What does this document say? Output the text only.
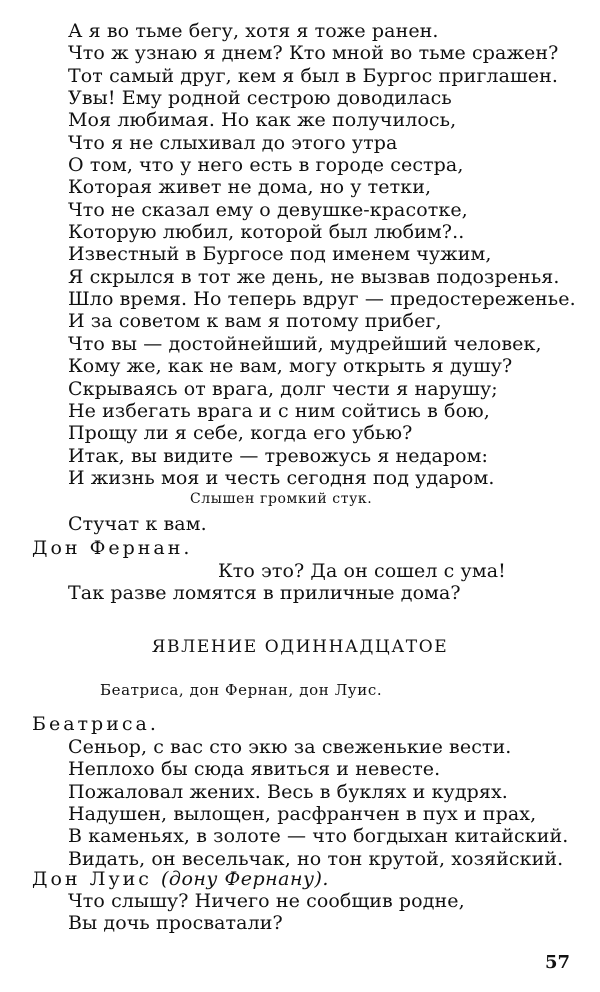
А я во тьме бегу, хотя я тоже ранен.
Что ж узнаю я днем? Кто мной во тьме сражен?
Тот самый друг, кем я был в Бургос приглашен.
Увы! Ему родной сестрою доводилась
Моя любимая. Но как же получилось,
Что я не слыхивал до этого утра
О том, что у него есть в городе сестра,
Которая живет не дома, но у тетки,
Что не сказал ему о девушке-красотке,
Которую любил, которой был любим?..
Известный в Бургосе под именем чужим,
Я скрылся в тот же день, не вызвав подозренья.
Шло время. Но теперь вдруг — предостереженье.
И за советом к вам я потому прибег,
Что вы — достойнейший, мудрейший человек,
Кому же, как не вам, могу открыть я душу?
Скрываясь от врага, долг чести я нарушу;
Не избегать врага и с ним сойтись в бою,
Прощу ли я себе, когда его убью?
Итак, вы видите — тревожусь я недаром:
И жизнь моя и честь сегодня под ударом.
Слышен громкий стук.
Стучат к вам.
Дон Фернан.
Кто это? Да он сошел с ума!
Так разве ломятся в приличные дома?
ЯВЛЕНИЕ ОДИННАДЦАТОЕ
Беатриса, дон Фернан, дон Луис.
Беатриса.
Сеньор, с вас сто экю за свеженькие вести.
Неплохо бы сюда явиться и невесте.
Пожаловал жених. Весь в буклях и кудрях.
Надушен, вылощен, расфранчен в пух и прах,
В каменьях, в золоте — что богдыхан китайский.
Видать, он весельчак, но тон крутой, хозяйский.
Дон Луис (дону Фернану).
Что слышу? Ничего не сообщив родне,
Вы дочь просватали?
57
